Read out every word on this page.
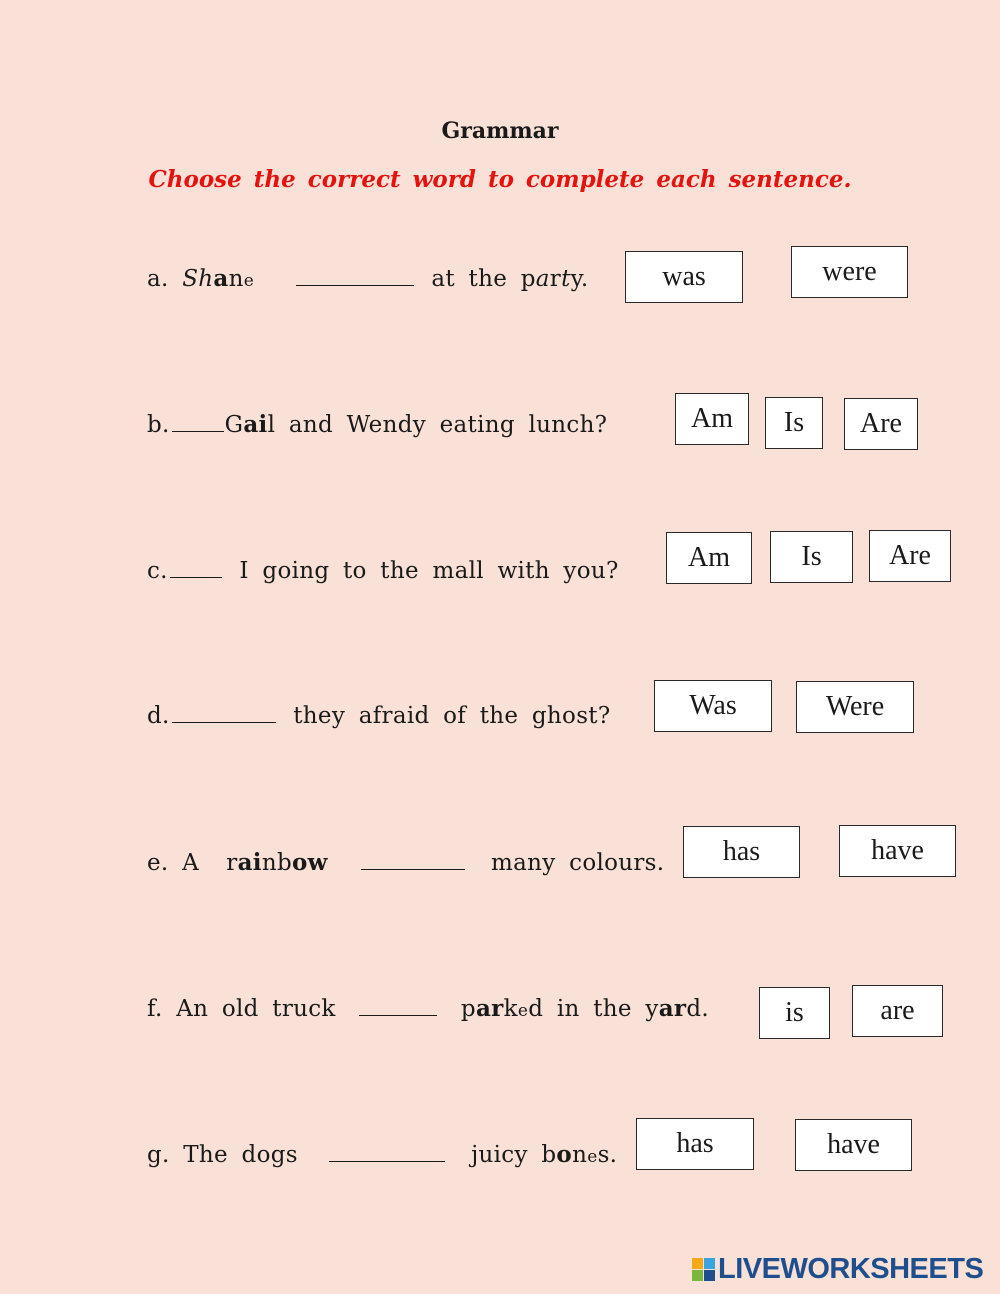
Grammar
Choose the correct word to complete each sentence.
a. Shane	at the party.	was	were
b. Gail and Wendy eating lunch?	Am	Is	Are
c.	I going to the mall with you?	Am	Is	Are
d.	they afraid of the ghost?	Was	Were
e. A  rainbow	many colours.	has	have
f. An old truck	parked in the yard.	is	are
g. The dogs	juicy bones.	has	have
LIVEWORKSHEETS
